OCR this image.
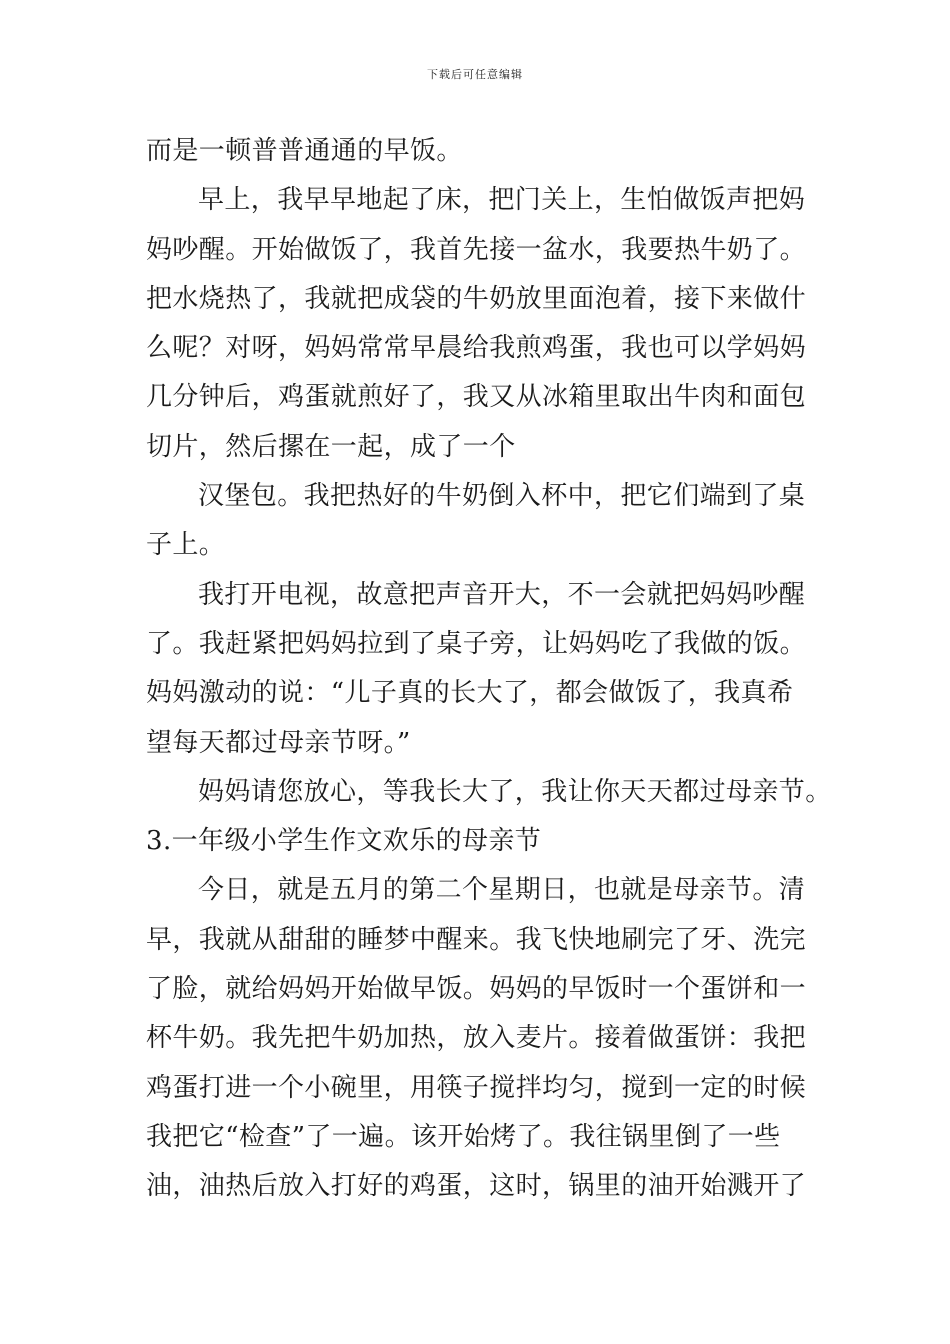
下载后可任意编辑
而是一顿普普通通的早饭。
早上，我早早地起了床，把门关上，生怕做饭声把妈
妈吵醒。开始做饭了，我首先接一盆水，我要热牛奶了。
把水烧热了，我就把成袋的牛奶放里面泡着，接下来做什
么呢？对呀，妈妈常常早晨给我煎鸡蛋，我也可以学妈妈
几分钟后，鸡蛋就煎好了，我又从冰箱里取出牛肉和面包
切片，然后摞在一起，成了一个
汉堡包。我把热好的牛奶倒入杯中，把它们端到了桌
子上。
我打开电视，故意把声音开大，不一会就把妈妈吵醒
了。我赶紧把妈妈拉到了桌子旁，让妈妈吃了我做的饭。
妈妈激动的说：“儿子真的长大了，都会做饭了，我真希
望每天都过母亲节呀。”
妈妈请您放心，等我长大了，我让你天天都过母亲节。
3.一年级小学生作文欢乐的母亲节
今日，就是五月的第二个星期日，也就是母亲节。清
早，我就从甜甜的睡梦中醒来。我飞快地刷完了牙、洗完
了脸，就给妈妈开始做早饭。妈妈的早饭时一个蛋饼和一
杯牛奶。我先把牛奶加热，放入麦片。接着做蛋饼：我把
鸡蛋打进一个小碗里，用筷子搅拌均匀，搅到一定的时候
我把它“检查”了一遍。该开始烤了。我往锅里倒了一些
油，油热后放入打好的鸡蛋，这时，锅里的油开始溅开了
